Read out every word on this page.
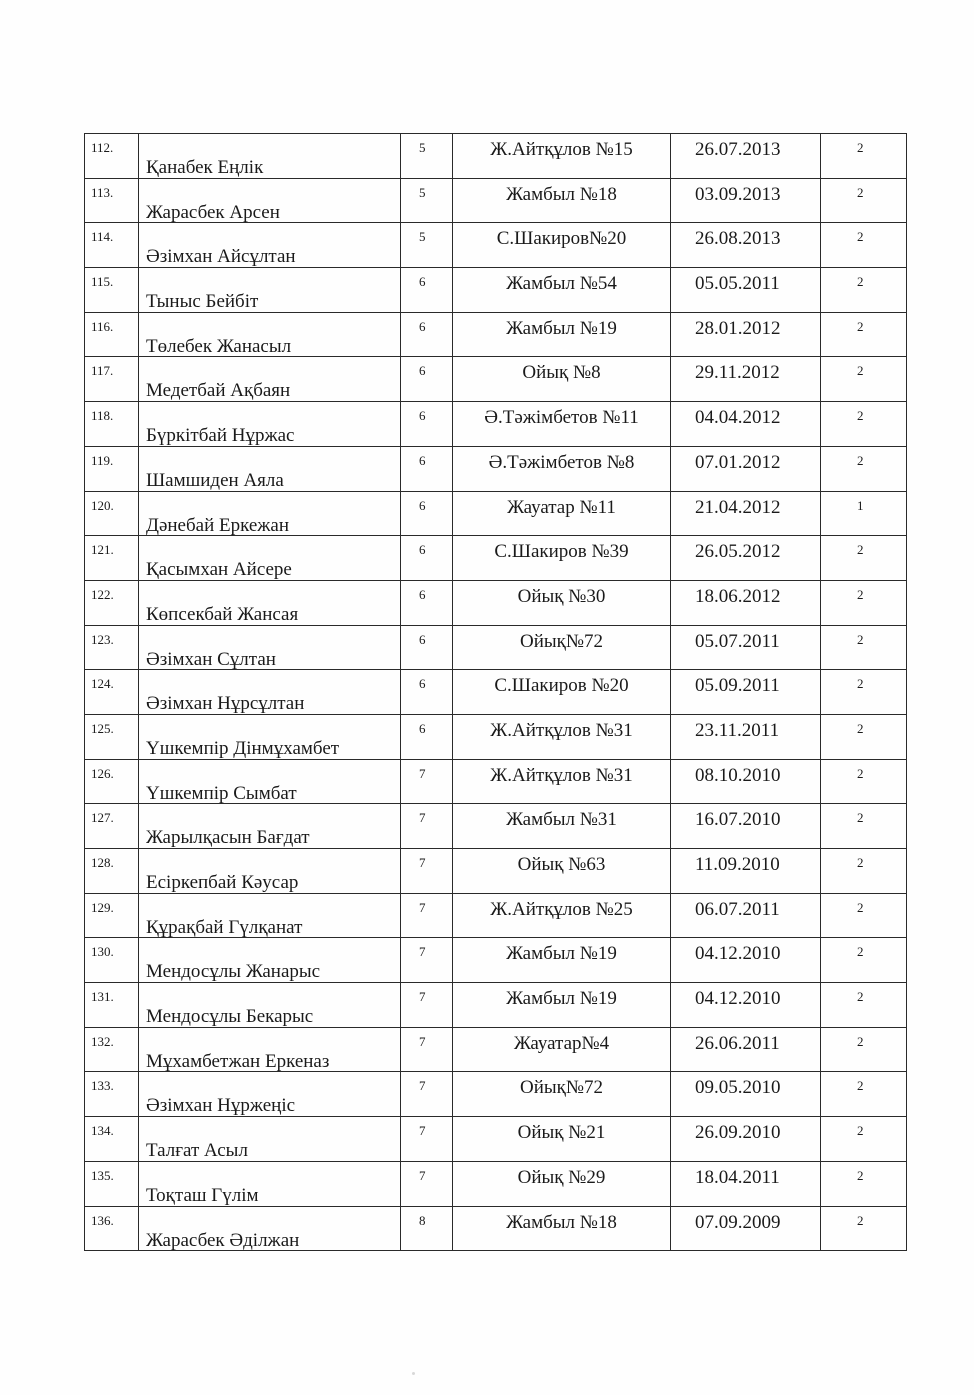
112.	Қанабек Еңлік	5	Ж.Айтқұлов №15	26.07.2013	2

113.	Жарасбек Арсен	5	Жамбыл №18	03.09.2013	2

114.	Әзімхан Айсұлтан	5	С.Шакиров№20	26.08.2013	2

115.	Тыныс Бейбіт	6	Жамбыл №54	05.05.2011	2

116.	Төлебек Жанасыл	6	Жамбыл №19	28.01.2012	2

117.	Медетбай Ақбаян	6	Ойық №8	29.11.2012	2

118.	Бүркітбай Нұржас	6	Ә.Тәжімбетов №11	04.04.2012	2

119.	Шамшиден Аяла	6	Ә.Тәжімбетов №8	07.01.2012	2

120.	Дәнебай Еркежан	6	Жауатар №11	21.04.2012	1

121.	Қасымхан Айсере	6	С.Шакиров №39	26.05.2012	2

122.	Көпсекбай Жансая	6	Ойық №30	18.06.2012	2

123.	Әзімхан Сұлтан	6	Ойық№72	05.07.2011	2

124.	Әзімхан Нұрсұлтан	6	С.Шакиров №20	05.09.2011	2

125.	Үшкемпір Дінмұхамбет	6	Ж.Айтқұлов №31	23.11.2011	2

126.	Үшкемпір Сымбат	7	Ж.Айтқұлов №31	08.10.2010	2

127.	Жарылқасын Бағдат	7	Жамбыл №31	16.07.2010	2

128.	Есіркепбай Кәусар	7	Ойық №63	11.09.2010	2

129.	Құрақбай Гүлқанат	7	Ж.Айтқұлов №25	06.07.2011	2

130.	Мендосұлы Жанарыс	7	Жамбыл №19	04.12.2010	2

131.	Мендосұлы Бекарыс	7	Жамбыл №19	04.12.2010	2

132.	Мұхамбетжан Еркеназ	7	Жауатар№4	26.06.2011	2

133.	Әзімхан Нұржеңіс	7	Ойық№72	09.05.2010	2

134.	Талғат Асыл	7	Ойық №21	26.09.2010	2

135.	Тоқташ Гүлім	7	Ойық №29	18.04.2011	2

136.	Жарасбек Әділжан	8	Жамбыл №18	07.09.2009	2
